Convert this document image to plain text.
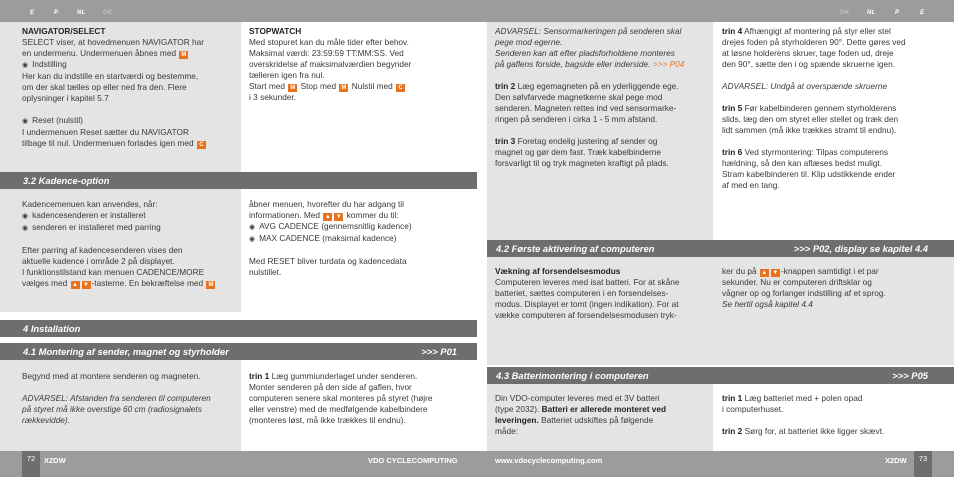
E	P	NL	DK	DK	NL	P	E
NAVIGATOR/SELECT
SELECT viser, at hovedmenuen NAVIGATOR har
en undermenu. Undermenuen åbnes med M
◉ Indstilling
Her kan du indstille en startværdi og bestemme,
om der skal tælles op eller ned fra den. Flere
oplysninger i kapitel 5.7
◉ Reset (nulstil)
I undermenuen Reset sætter du NAVIGATOR
tilbage til nul. Undermenuen forlades igen med C
STOPWATCH
Med stopuret kan du måle tider efter behov.
Maksimal værdi: 23:59:59 TT:MM:SS. Ved
overskridelse af maksimalværdien begynder
tælleren igen fra nul.
Start med M Stop med M Nulstil med C
i 3 sekunder.
3.2 Kadence-option
Kadencemenuen kan anvendes, når:
◉ kadencesenderen er installeret
◉ senderen er installeret med parring
Efter parring af kadencesenderen vises den
aktuelle kadence i område 2 på displayet.
I funktionstilstand kan menuen CADENCE/MORE
vælges med ▲ ▼ -tasterne. En bekræftelse med M
åbner menuen, hvorefter du har adgang til
informationen. Med ▲ ▼ kommer du til:
◉ AVG CADENCE (gennemsnitlig kadence)
◉ MAX CADENCE (maksimal kadence)
Med RESET bliver turdata og kadencedata
nulstillet.
4 Installation
4.1 Montering af sender, magnet og styrholder	>>> P01
Begynd med at montere senderen og magneten.
ADVARSEL: Afstanden fra senderen til computeren
på styret må ikke overstige 60 cm (radiosignalets
rækkevidde).
trin 1 Læg gummiunderlaget under senderen.
Monter senderen på den side af gaflen, hvor
computeren senere skal monteres på styret (højre
eller venstre) med de medfølgende kabelbindere
(monteres løst, må ikke trækkes til endnu).
ADVARSEL: Sensormarkeringen på senderen skal
pege mod egerne.
Senderen kan alt efter pladsforholdene monteres
på gaflens forside, bagside eller inderside. >>> P04
trin 2 Læg egemagneten på en yderliggende ege.
Den sølvfarvede magnetkerne skal pege mod
senderen. Magneten rettes ind ved sensormarke-
ringen på senderen i cirka 1 - 5 mm afstand.
trin 3 Foretag endelig justering af sender og
magnet og gør dem fast. Træk kabelbinderne
forsvarligt til og tryk magneten kraftigt på plads.
trin 4 Afhængigt af montering på styr eller stel
drejes foden på styrholderen 90°. Dette gøres ved
at løsne holderens skruer, tage foden ud, dreje
den 90°, sætte den i og spænde skruerne igen.
ADVARSEL: Undgå at overspænde skruerne
trin 5 Før kabelbinderen gennem styrholderens
slids, læg den om styret eller stellet og træk den
lidt sammen (må ikke trækkes stramt til endnu).
trin 6 Ved styrmontering: Tilpas computerens
hældning, så den kan aflæses bedst muligt.
Stram kabelbinderen til. Klip udstikkende ender
af med en tang.
4.2 Første aktivering af computeren	>>> P02, display se kapitel 4.4
Vækning af forsendelsesmodus
Computeren leveres med isat batteri. For at skåne
batteriet, sættes computeren i en forsendelses-
modus. Displayet er tomt (ingen indikation). For at
vække computeren af forsendelsesmodusen tryk-
ker du på ▲ ▼ -knappen samtidigt i et par
sekunder. Nu er computeren driftsklar og
vågner op og forlanger indstilling af et sprog.
Se hertil også kapitel 4.4
4.3 Batterimontering i computeren	>>> P05
Din VDO-computer leveres med et 3V batteri
(type 2032). Batteri er allerede monteret ved
leveringen. Batteriet udskiftes på følgende
måde:
trin 1 Læg batteriet med + polen opad
i computerhuset.
trin 2 Sørg for, at batteriet ikke ligger skævt.
72	X2DW	VDO CYCLECOMPUTING	www.vdocyclecomputing.com	X2DW	73
